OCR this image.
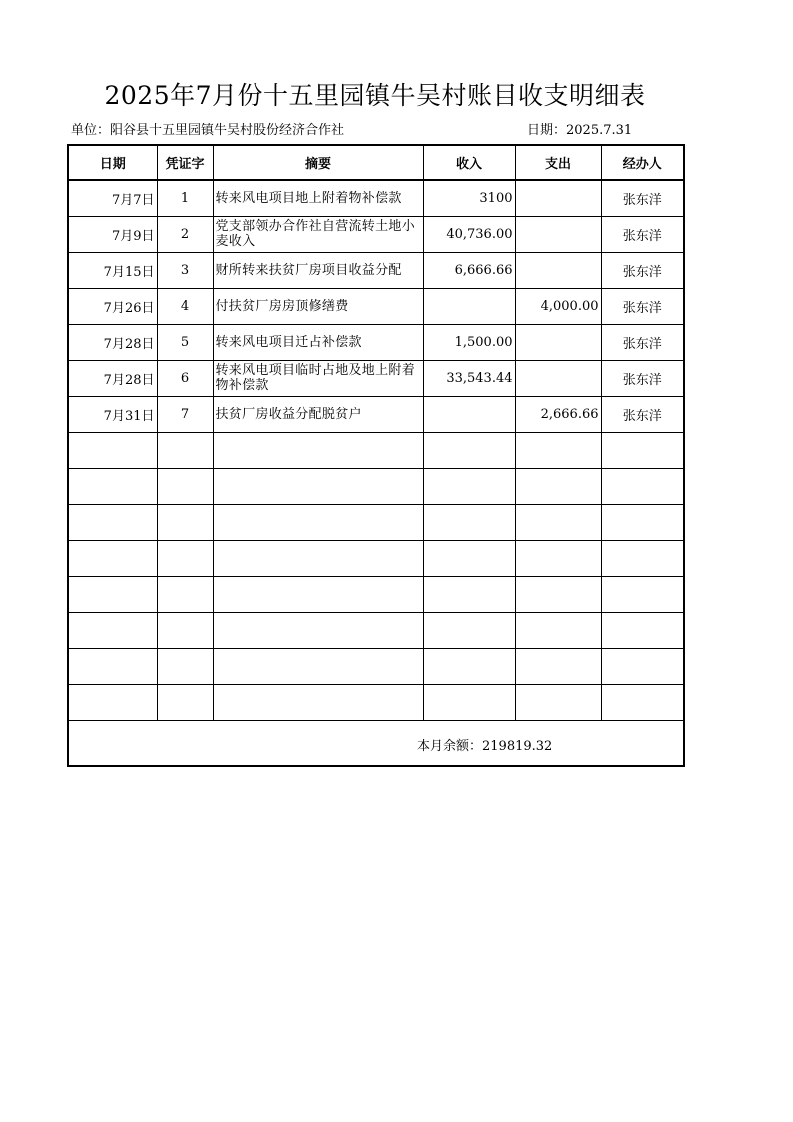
2025年7月份十五里园镇牛吴村账目收支明细表
单位：阳谷县十五里园镇牛吴村股份经济合作社	日期：2025.7.31
日期	凭证字	摘要	收入	支出	经办人
7月7日	1	转来风电项目地上附着物补偿款	3100		张东洋
7月9日	2	党支部领办合作社自营流转土地小麦收入	40,736.00		张东洋
7月15日	3	财所转来扶贫厂房项目收益分配	6,666.66		张东洋
7月26日	4	付扶贫厂房房顶修缮费		4,000.00	张东洋
7月28日	5	转来风电项目迁占补偿款	1,500.00		张东洋
7月28日	6	转来风电项目临时占地及地上附着物补偿款	33,543.44		张东洋
7月31日	7	扶贫厂房收益分配脱贫户		2,666.66	张东洋

本月余额：219819.32					
